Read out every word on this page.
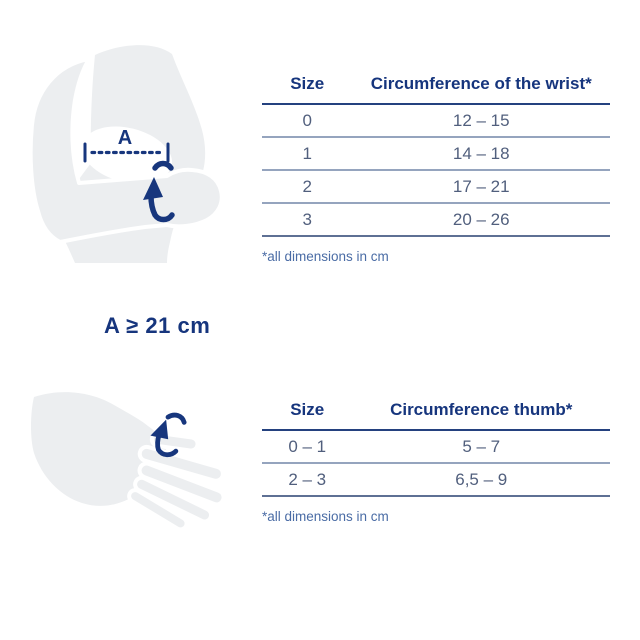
A
A ≥ 21 cm
Size	Circumference of the wrist*
0	12 – 15
1	14 – 18
2	17 – 21
3	20 – 26

*all dimensions in cm

Size	Circumference thumb*
0 – 1	5 – 7
2 – 3	6,5 – 9

*all dimensions in cm
